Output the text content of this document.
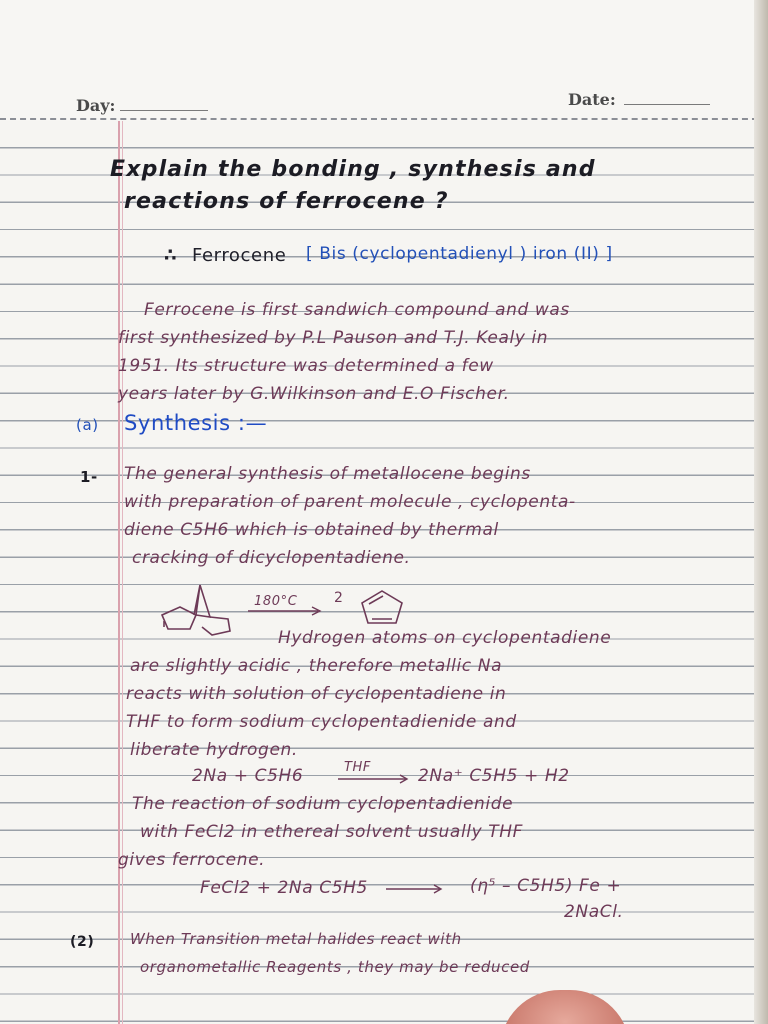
Day:	Date:
Explain the bonding , synthesis and
reactions of ferrocene ?
∴ Ferrocene [ Bis (cyclopentadienyl ) iron (II) ]
Ferrocene is first sandwich compound and was
first synthesized by P.L Pauson and T.J. Kealy in
1951. Its structure was determined a few
years later by G.Wilkinson and E.O Fischer.
(a) Synthesis :—
1- The general synthesis of metallocene begins
with preparation of parent molecule , cyclopenta-
diene C5H6 which is obtained by thermal
cracking of dicyclopentadiene.
180°C	2
Hydrogen atoms on cyclopentadiene
are slightly acidic , therefore metallic Na
reacts with solution of cyclopentadiene in
THF to form sodium cyclopentadienide and
liberate hydrogen.
2Na + C5H6	THF	2Na⁺ C5H5 + H2
The reaction of sodium cyclopentadienide
with FeCl2 in ethereal solvent usually THF
gives ferrocene.
FeCl2 + 2Na C5H5	(η⁵ – C5H5) Fe +
2NaCl.
(2) When Transition metal halides react with
organometallic Reagents , they may be reduced
